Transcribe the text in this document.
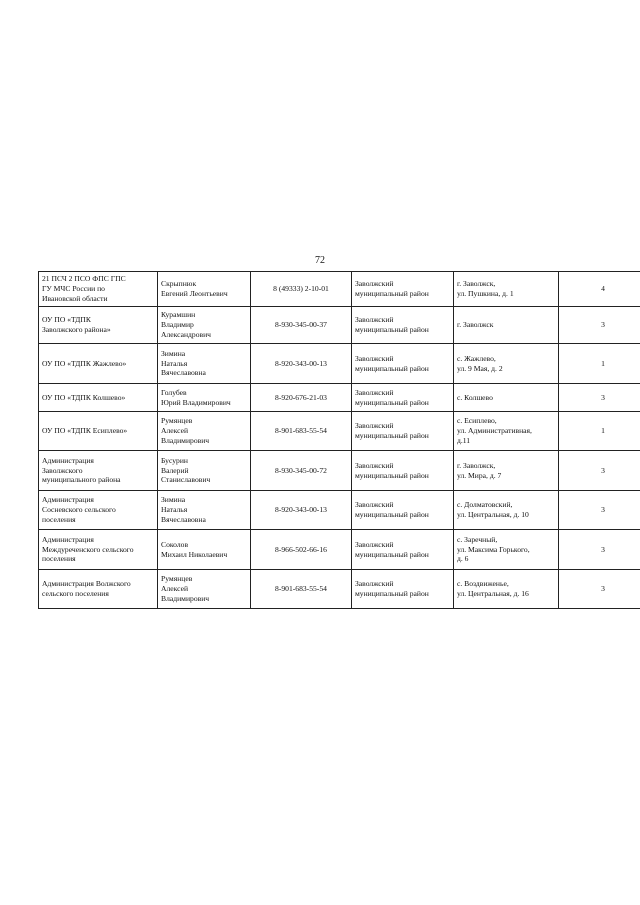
72
21 ПСЧ 2 ПСО ФПС ГПС
ГУ МЧС России по
Ивановской области	Скрыпнюк
Евгений Леонтьевич	8 (49333) 2-10-01	Заволжский
муниципальный район	г. Заволжск,
ул. Пушкина, д. 1	4
ОУ ПО «ТДПК
Заволжского района»	Курамшин
Владимир
Александрович	8-930-345-00-37	Заволжский
муниципальный район	г. Заволжск	3
ОУ ПО «ТДПК Жажлево»	Зимина
Наталья
Вячеславовна	8-920-343-00-13	Заволжский
муниципальный район	с. Жажлево,
ул. 9 Мая, д. 2	1
ОУ ПО «ТДПК Колшево»	Голубев
Юрий Владимирович	8-920-676-21-03	Заволжский
муниципальный район	с. Колшево	3
ОУ ПО «ТДПК Есиплево»	Румянцев
Алексей
Владимирович	8-901-683-55-54	Заволжский
муниципальный район	с. Есиплево,
ул. Административная,
д.11	1
Администрация
Заволжского
муниципального района	Бусурин
Валерий
Станиславович	8-930-345-00-72	Заволжский
муниципальный район	г. Заволжск,
ул. Мира, д. 7	3
Администрация
Сосневского сельского
поселения	Зимина
Наталья
Вячеславовна	8-920-343-00-13	Заволжский
муниципальный район	с. Долматовский,
ул. Центральная, д. 10	3
Администрация
Междуреченского сельского
поселения	Соколов
Михаил Николаевич	8-966-502-66-16	Заволжский
муниципальный район	с. Заречный,
ул. Максима Горького,
д. 6	3
Администрация Волжского
сельского поселения	Румянцев
Алексей
Владимирович	8-901-683-55-54	Заволжский
муниципальный район	с. Воздвиженье,
ул. Центральная, д. 16	3
